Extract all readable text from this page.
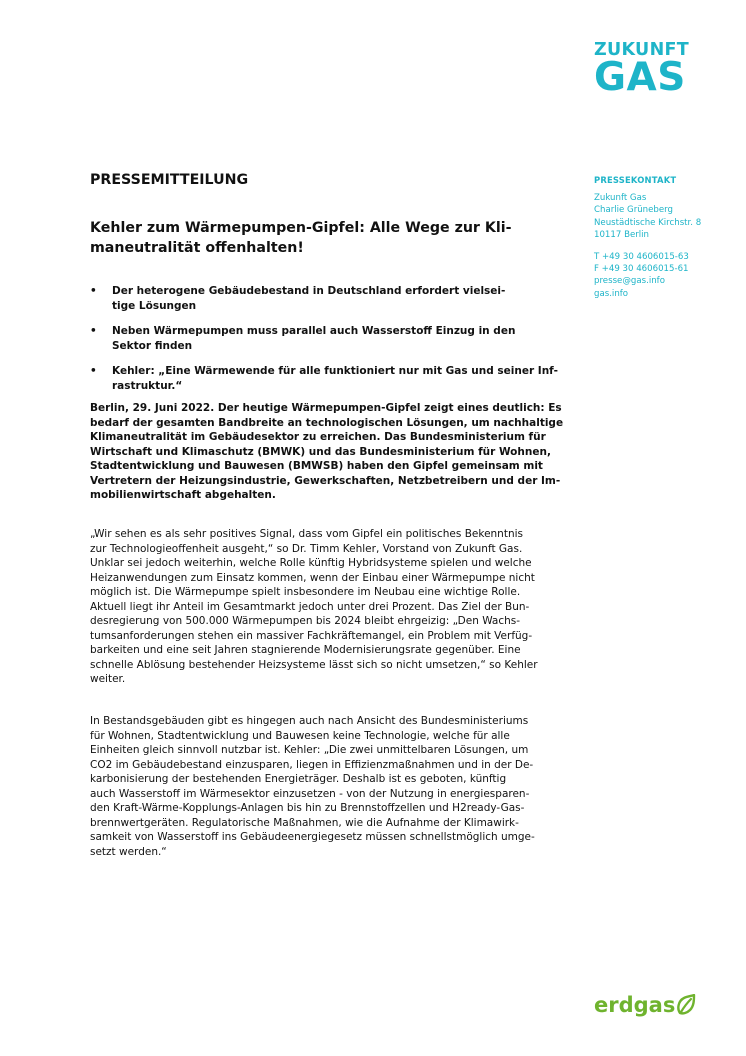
ZUKUNFT
GAS
PRESSEKONTAKT
Zukunft Gas
Charlie Grüneberg
Neustädtische Kirchstr. 8
10117 Berlin
T +49 30 4606015-63
F +49 30 4606015-61
presse@gas.info
gas.info
PRESSEMITTEILUNG
Kehler zum Wärmepumpen-Gipfel: Alle Wege zur Kli-
maneutralität offenhalten!
• Der heterogene Gebäudebestand in Deutschland erfordert vielsei-
tige Lösungen
• Neben Wärmepumpen muss parallel auch Wasserstoff Einzug in den
Sektor finden
• Kehler: „Eine Wärmewende für alle funktioniert nur mit Gas und seiner Inf-
rastruktur.“
Berlin, 29. Juni 2022. Der heutige Wärmepumpen-Gipfel zeigt eines deutlich: Es
bedarf der gesamten Bandbreite an technologischen Lösungen, um nachhaltige
Klimaneutralität im Gebäudesektor zu erreichen. Das Bundesministerium für
Wirtschaft und Klimaschutz (BMWK) und das Bundesministerium für Wohnen,
Stadtentwicklung und Bauwesen (BMWSB) haben den Gipfel gemeinsam mit
Vertretern der Heizungsindustrie, Gewerkschaften, Netzbetreibern und der Im-
mobilienwirtschaft abgehalten.
„Wir sehen es als sehr positives Signal, dass vom Gipfel ein politisches Bekenntnis
zur Technologieoffenheit ausgeht,“ so Dr. Timm Kehler, Vorstand von Zukunft Gas.
Unklar sei jedoch weiterhin, welche Rolle künftig Hybridsysteme spielen und welche
Heizanwendungen zum Einsatz kommen, wenn der Einbau einer Wärmepumpe nicht
möglich ist. Die Wärmepumpe spielt insbesondere im Neubau eine wichtige Rolle.
Aktuell liegt ihr Anteil im Gesamtmarkt jedoch unter drei Prozent. Das Ziel der Bun-
desregierung von 500.000 Wärmepumpen bis 2024 bleibt ehrgeizig: „Den Wachs-
tumsanforderungen stehen ein massiver Fachkräftemangel, ein Problem mit Verfüg-
barkeiten und eine seit Jahren stagnierende Modernisierungsrate gegenüber. Eine
schnelle Ablösung bestehender Heizsysteme lässt sich so nicht umsetzen,“ so Kehler
weiter.
In Bestandsgebäuden gibt es hingegen auch nach Ansicht des Bundesministeriums
für Wohnen, Stadtentwicklung und Bauwesen keine Technologie, welche für alle
Einheiten gleich sinnvoll nutzbar ist. Kehler: „Die zwei unmittelbaren Lösungen, um
CO2 im Gebäudebestand einzusparen, liegen in Effizienzmaßnahmen und in der De-
karbonisierung der bestehenden Energieträger. Deshalb ist es geboten, künftig
auch Wasserstoff im Wärmesektor einzusetzen - von der Nutzung in energiesparen-
den Kraft-Wärme-Kopplungs-Anlagen bis hin zu Brennstoffzellen und H2ready-Gas-
brennwertgeräten. Regulatorische Maßnahmen, wie die Aufnahme der Klimawirk-
samkeit von Wasserstoff ins Gebäudeenergiegesetz müssen schnellstmöglich umge-
setzt werden.“
erdgas
